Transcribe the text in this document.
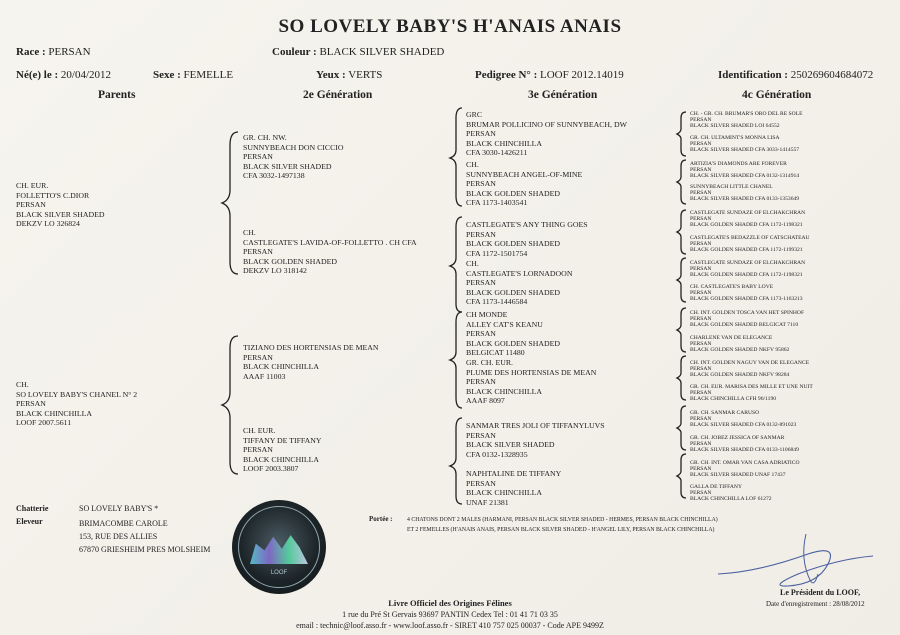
SO LOVELY BABY'S H'ANAIS ANAIS
Race : PERSAN	Couleur : BLACK SILVER SHADED
Né(e) le : 20/04/2012	Sexe : FEMELLE	Yeux : VERTS	Pedigree N° : LOOF 2012.14019	Identification : 250269604684072
Parents	2e Génération	3e Génération	4c Génération
CH. EUR.
FOLLETTO'S C.DIOR
PERSAN
BLACK SILVER SHADED
DEKZV LO 326824
CH.
SO LOVELY BABY'S CHANEL N° 2
PERSAN
BLACK CHINCHILLA
LOOF 2007.5611
GR. CH. NW.
SUNNYBEACH DON CICCIO
PERSAN
BLACK SILVER SHADED
CFA 3032-1497138
CH.
CASTLEGATE'S LAVIDA-OF-FOLLETTO . CH CFA
PERSAN
BLACK GOLDEN SHADED
DEKZV LO 318142
TIZIANO DES HORTENSIAS DE MEAN
PERSAN
BLACK CHINCHILLA
AAAF 11003
CH. EUR.
TIFFANY DE TIFFANY
PERSAN
BLACK CHINCHILLA
LOOF 2003.3807
GRC
BRUMAR POLLICINO OF SUNNYBEACH, DW
PERSAN
BLACK CHINCHILLA
CFA 3030-1426211
CH.
SUNNYBEACH ANGEL-OF-MINE
PERSAN
BLACK GOLDEN SHADED
CFA 1173-1403541
CASTLEGATE'S ANY THING GOES
PERSAN
BLACK GOLDEN SHADED
CFA 1172-1501754
CH.
CASTLEGATE'S LORNADOON
PERSAN
BLACK GOLDEN SHADED
CFA 1173-1446584
CH MONDE
ALLEY CAT'S KEANU
PERSAN
BLACK GOLDEN SHADED
BELGICAT 11480
GR. CH. EUR.
PLUME DES HORTENSIAS DE MEAN
PERSAN
BLACK CHINCHILLA
AAAF 8097
SANMAR TRES JOLI OF TIFFANYLUVS
PERSAN
BLACK SILVER SHADED
CFA 0132-1328935
NAPHTALINE DE TIFFANY
PERSAN
BLACK CHINCHILLA
UNAF 21381
CH. - GR. CH. BRUMAR'S ORO DEL RE SOLE
PERSAN
BLACK SILVER SHADED LOI 64552
GR. CH. ULTAMINT'S MONNA LISA
PERSAN
BLACK SILVER SHADED CFA 3033-1414557
ARTIZIA'S DIAMONDS ARE FOREVER
PERSAN
BLACK SILVER SHADED CFA 0132-1314914
SUNNYBEACH LITTLE CHANEL
PERSAN
BLACK SILVER SHADED CFA 0133-1353649
CASTLEGATE SUNDAZE OF ELCHAKCHRAN
PERSAN
BLACK GOLDEN SHADED CFA 1172-1198321
CASTLEGATE'S BEDAZZLE OF CATSCHATEAU
PERSAN
BLACK GOLDEN SHADED CFA 1172-1199321
CASTLEGATE SUNDAZE OF ELCHAKCHRAN
PERSAN
BLACK GOLDEN SHADED CFA 1172-1198321
CH. CASTLEGATE'S BABY LOVE
PERSAN
BLACK GOLDEN SHADED CFA 1173-1163213
CH. INT. GOLDEN TOSCA VAN HET SPINHOF
PERSAN
BLACK GOLDEN SHADED BELGICAT 7110
CHARLENE VAN DE ELEGANCE
PERSAN
BLACK GOLDEN SHADED NKFV 95862
CH. INT. GOLDEN NAGUY VAN DE ELEGANCE
PERSAN
BLACK GOLDEN SHADED NKFV 98284
GR. CH. EUR. MARISA DES MILLE ET UNE NUIT
PERSAN
BLACK CHINCHILLA CFH 96/1190
GR. CH. SANMAR CARUSO
PERSAN
BLACK SILVER SHADED CFA 0132-891023
GR. CH. JOBEZ JESSICA OF SANMAR
PERSAN
BLACK SILVER SHADED CFA 0133-1106849
GR. CH. INT. OMAR VAN CASA ADRIATICO
PERSAN
BLACK SILVER SHADED UNAF 17437
GALLA DE TIFFANY
PERSAN
BLACK CHINCHILLA LOF 61272
Chatterie	SO LOVELY BABY'S *
Eleveur	BRIMACOMBE CAROLE
153, RUE DES ALLIES
67870 GRIESHEIM PRES MOLSHEIM
LOOF
Portée : 4 CHATONS DONT 2 MALES (HARMANI, PERSAN BLACK SILVER SHADED - HERMES, PERSAN BLACK CHINCHILLA)
ET 2 FEMELLES (H'ANAIS ANAIS, PERSAN BLACK SILVER SHADED - H'ANGEL LILY, PERSAN BLACK CHINCHILLA)
Le Président du LOOF,
Date d'enregistrement : 28/08/2012
Livre Officiel des Origines Félines
1 rue du Pré St Gervais 93697 PANTIN Cedex Tel : 01 41 71 03 35
email : technic@loof.asso.fr - www.loof.asso.fr - SIRET 410 757 025 00037 - Code APE 9499Z
